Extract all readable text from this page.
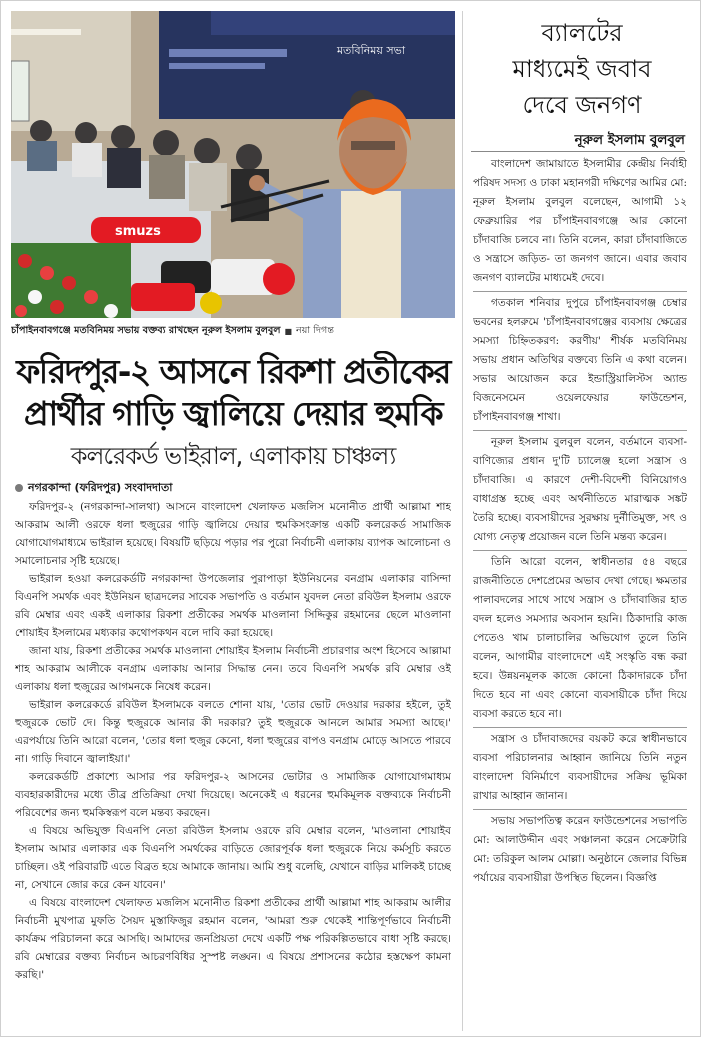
মতবিনিময় সভা
smuzs
চাঁপাইনবাবগঞ্জে মতবিনিময় সভায় বক্তব্য রাখছেন নূরুল ইসলাম বুলবুল ■ নয়া দিগন্ত
ফরিদপুর-২ আসনে রিকশা প্রতীকের
প্রার্থীর গাড়ি জ্বালিয়ে দেয়ার হুমকি
কলরেকর্ড ভাইরাল, এলাকায় চাঞ্চল্য
নগরকান্দা (ফরিদপুর) সংবাদদাতা

ফরিদপুর-২ (নগরকান্দা-সালথা) আসনে বাংলাদেশ খেলাফত মজলিস মনোনীত প্রার্থী আল্লামা শাহ আকরাম আলী ওরফে ধলা হুজুরের গাড়ি জ্বালিয়ে দেয়ার হুমকিসংক্রান্ত একটি কলরেকর্ড সামাজিক যোগাযোগমাধ্যমে ভাইরাল হয়েছে। বিষয়টি ছড়িয়ে পড়ার পর পুরো নির্বাচনী এলাকায় ব্যাপক আলোচনা ও সমালোচনার সৃষ্টি হয়েছে।

ভাইরাল হওয়া কলরেকর্ডটি নগরকান্দা উপজেলার পুরাপাড়া ইউনিয়নের বনগ্রাম এলাকার বাসিন্দা বিএনপি সমর্থক এবং ইউনিয়ন ছাত্রদলের সাবেক সভাপতি ও বর্তমান যুবদল নেতা রবিউল ইসলাম ওরফে রবি মেম্বার এবং একই এলাকার রিকশা প্রতীকের সমর্থক মাওলানা সিদ্দিকুর রহমানের ছেলে মাওলানা শোয়াইব ইসলামের মধ্যকার কথোপকথন বলে দাবি করা হয়েছে।

জানা যায়, রিকশা প্রতীকের সমর্থক মাওলানা শোয়াইব ইসলাম নির্বাচনী প্রচারণার অংশ হিসেবে আল্লামা শাহ আকরাম আলীকে বনগ্রাম এলাকায় আনার সিদ্ধান্ত নেন। তবে বিএনপি সমর্থক রবি মেম্বার ওই এলাকায় ধলা হুজুরের আগমনকে নিষেধ করেন।

ভাইরাল কলরেকর্ডে রবিউল ইসলামকে বলতে শোনা যায়, 'তোর ভোট দেওয়ার দরকার হইলে, তুই হুজুরকে ভোট দে। কিন্তু হুজুরকে আনার কী দরকার? তুই হুজুরকে আনলে আমার সমস্যা আছে।' এরপর্যায়ে তিনি আরো বলেন, 'তোর ধলা হুজুর কেনো, ধলা হুজুরের বাপও বনগ্রাম মোড়ে আসতে পারবে না। গাড়ি দিবানে জ্বালাইয়া।'

কলরেকর্ডটি প্রকাশ্যে আসার পর ফরিদপুর-২ আসনের ভোটার ও সামাজিক যোগাযোগমাধ্যম ব্যবহারকারীদের মধ্যে তীব্র প্রতিক্রিয়া দেখা দিয়েছে। অনেকেই এ ধরনের হুমকিমূলক বক্তব্যকে নির্বাচনী পরিবেশের জন্য হুমকিস্বরূপ বলে মন্তব্য করছেন।

এ বিষয়ে অভিযুক্ত বিএনপি নেতা রবিউল ইসলাম ওরফে রবি মেম্বার বলেন, 'মাওলানা শোয়াইব ইসলাম আমার এলাকার এক বিএনপি সমর্থকের বাড়িতে জোরপূর্বক ধলা হুজুরকে নিয়ে কর্মসূচি করতে চাচ্ছিল। ওই পরিবারটি এতে বিব্রত হয়ে আমাকে জানায়। আমি শুধু বলেছি, যেখানে বাড়ির মালিকই চাচ্ছে না, সেখানে জোর করে কেন যাবেন।'

এ বিষয়ে বাংলাদেশ খেলাফত মজলিস মনোনীত রিকশা প্রতীকের প্রার্থী আল্লামা শাহ আকরাম আলীর নির্বাচনী মুখপাত্র মুফতি সৈয়দ মুস্তাফিজুর রহমান বলেন, 'আমরা শুরু থেকেই শান্তিপূর্ণভাবে নির্বাচনী কার্যক্রম পরিচালনা করে আসছি। আমাদের জনপ্রিয়তা দেখে একটি পক্ষ পরিকল্পিতভাবে বাধা সৃষ্টি করছে। রবি মেম্বারের বক্তব্য নির্বাচন আচরণবিধির সুস্পষ্ট লঙ্ঘন। এ বিষয়ে প্রশাসনের কঠোর হস্তক্ষেপ কামনা করছি।'

ব্যালটের
মাধ্যমেই জবাব
দেবে জনগণ
নূরুল ইসলাম বুলবুল

বাংলাদেশ জামায়াতে ইসলামীর কেন্দ্রীয় নির্বাহী পরিষদ সদস্য ও ঢাকা মহানগরী দক্ষিণের আমির মো: নূরুল ইসলাম বুলবুল বলেছেন, আগামী ১২ ফেব্রুয়ারির পর চাঁপাইনবাবগঞ্জে আর কোনো চাঁদাবাজি চলবে না। তিনি বলেন, কারা চাঁদাবাজিতে ও সন্ত্রাসে জড়িত- তা জনগণ জানে। এবার জবাব জনগণ ব্যালটের মাধ্যমেই দেবে।

গতকাল শনিবার দুপুরে চাঁপাইনবাবগঞ্জ চেম্বার ভবনের হলরুমে 'চাঁপাইনবাবগঞ্জের ব্যবসায় ক্ষেত্রের সমস্যা চিহ্নিতকরণ: করণীয়' শীর্ষক মতবিনিময় সভায় প্রধান অতিথির বক্তব্যে তিনি এ কথা বলেন। সভার আয়োজন করে ইন্ডাস্ট্রিয়ালিস্টস অ্যান্ড বিজনেসমেন ওয়েলফেয়ার ফাউন্ডেশন, চাঁপাইনবাবগঞ্জ শাখা।

নূরুল ইসলাম বুলবুল বলেন, বর্তমানে ব্যবসা-বাণিজ্যের প্রধান দু'টি চ্যালেঞ্জ হলো সন্ত্রাস ও চাঁদাবাজি। এ কারণে দেশী-বিদেশী বিনিয়োগও বাধাগ্রস্ত হচ্ছে এবং অর্থনীতিতে মারাত্মক সঙ্কট তৈরি হচ্ছে। ব্যবসায়ীদের সুরক্ষায় দুর্নীতিমুক্ত, সৎ ও যোগ্য নেতৃত্ব প্রয়োজন বলে তিনি মন্তব্য করেন।

তিনি আরো বলেন, স্বাধীনতার ৫৪ বছরে রাজনীতিতে দেশপ্রেমের অভাব দেখা গেছে। ক্ষমতার পালাবদলের সাথে সাথে সন্ত্রাস ও চাঁদাবাজির হাত বদল হলেও সমস্যার অবসান হয়নি। ঠিকাদারি কাজ পেতেও খাম চালাচালির অভিযোগ তুলে তিনি বলেন, আগামীর বাংলাদেশে এই সংস্কৃতি বন্ধ করা হবে। উন্নয়নমূলক কাজে কোনো ঠিকাদারকে চাঁদা দিতে হবে না এবং কোনো ব্যবসায়ীকে চাঁদা দিয়ে ব্যবসা করতে হবে না।

সন্ত্রাস ও চাঁদাবাজদের বয়কট করে স্বাধীনভাবে ব্যবসা পরিচালনার আহ্বান জানিয়ে তিনি নতুন বাংলাদেশ বিনির্মাণে ব্যবসায়ীদের সক্রিয় ভূমিকা রাখার আহ্বান জানান।

সভায় সভাপতিত্ব করেন ফাউন্ডেশনের সভাপতি মো: আলাউদ্দীন এবং সঞ্চালনা করেন সেক্রেটারি মো: তরিকুল আলম মোল্লা। অনুষ্ঠানে জেলার বিভিন্ন পর্যায়ের ব্যবসায়ীরা উপস্থিত ছিলেন। বিজ্ঞপ্তি
